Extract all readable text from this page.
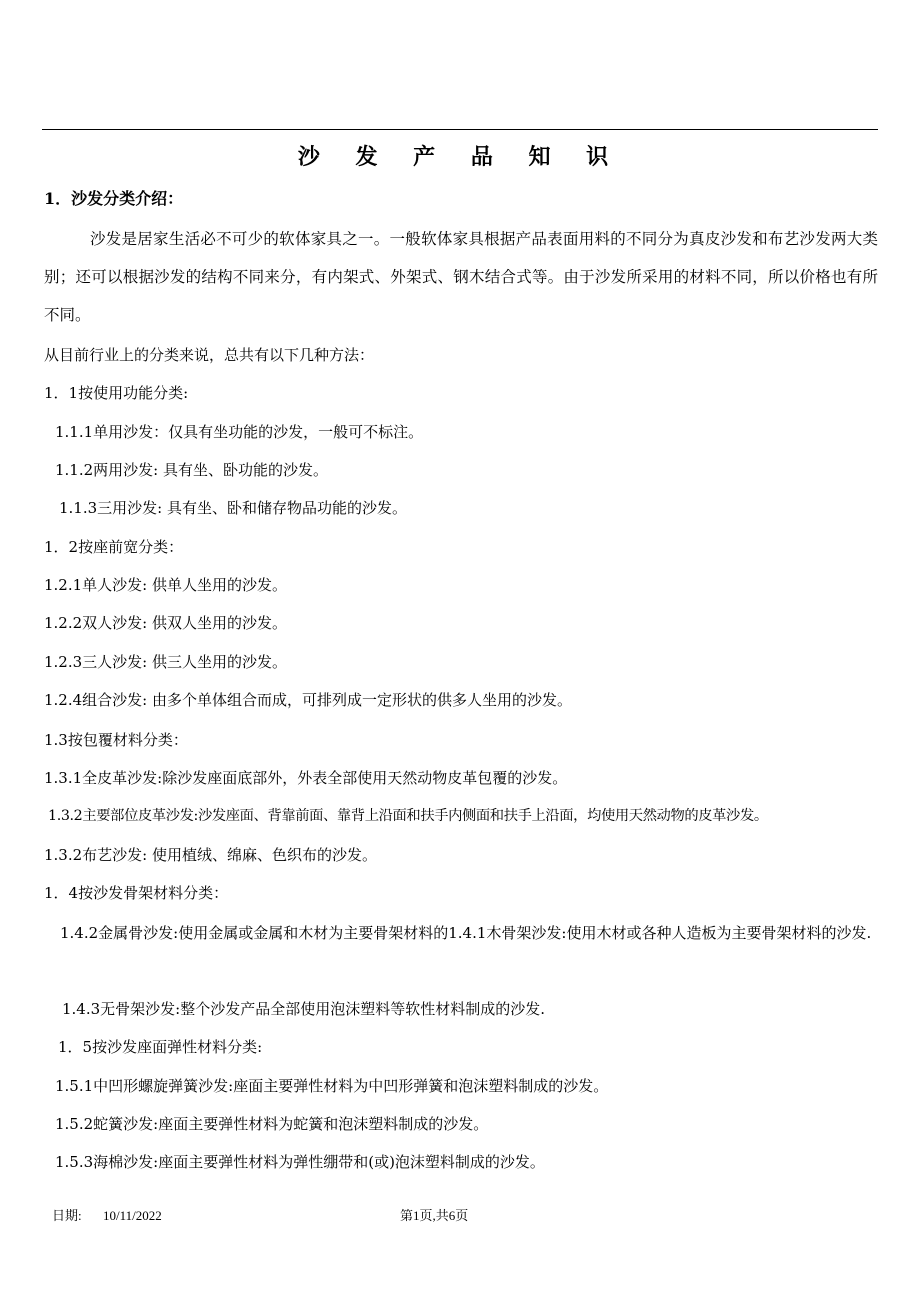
沙 发 产 品 知 识
1．沙发分类介绍：
沙发是居家生活必不可少的软体家具之一。一般软体家具根据产品表面用料的不同分为真皮沙发和布艺沙发两大类别；还可以根据沙发的结构不同来分，有内架式、外架式、钢木结合式等。由于沙发所采用的材料不同，所以价格也有所不同。
从目前行业上的分类来说，总共有以下几种方法：
1．1按使用功能分类:
1.1.1单用沙发：仅具有坐功能的沙发，一般可不标注。
1.1.2两用沙发: 具有坐、卧功能的沙发。
1.1.3三用沙发: 具有坐、卧和储存物品功能的沙发。
1．2按座前宽分类：
1.2.1单人沙发: 供单人坐用的沙发。
1.2.2双人沙发: 供双人坐用的沙发。
1.2.3三人沙发: 供三人坐用的沙发。
1.2.4组合沙发: 由多个单体组合而成，可排列成一定形状的供多人坐用的沙发。
1.3按包覆材料分类：
1.3.1全皮革沙发:除沙发座面底部外，外表全部使用天然动物皮革包覆的沙发。
1.3.2主要部位皮革沙发:沙发座面、背靠前面、靠背上沿面和扶手内侧面和扶手上沿面，均使用天然动物的皮革沙发。
1.3.2布艺沙发: 使用植绒、绵麻、色织布的沙发。
1．4按沙发骨架材料分类：
1.4.2金属骨沙发:使用金属或金属和木材为主要骨架材料的1.4.1木骨架沙发:使用木材或各种人造板为主要骨架材料的沙发.
1.4.3无骨架沙发:整个沙发产品全部使用泡沫塑料等软性材料制成的沙发.
1．5按沙发座面弹性材料分类:
1.5.1中凹形螺旋弹簧沙发:座面主要弹性材料为中凹形弹簧和泡沫塑料制成的沙发。
1.5.2蛇簧沙发:座面主要弹性材料为蛇簧和泡沫塑料制成的沙发。
1.5.3海棉沙发:座面主要弹性材料为弹性绷带和(或)泡沫塑料制成的沙发。
日期: 10/11/2022	第1页,共6页
